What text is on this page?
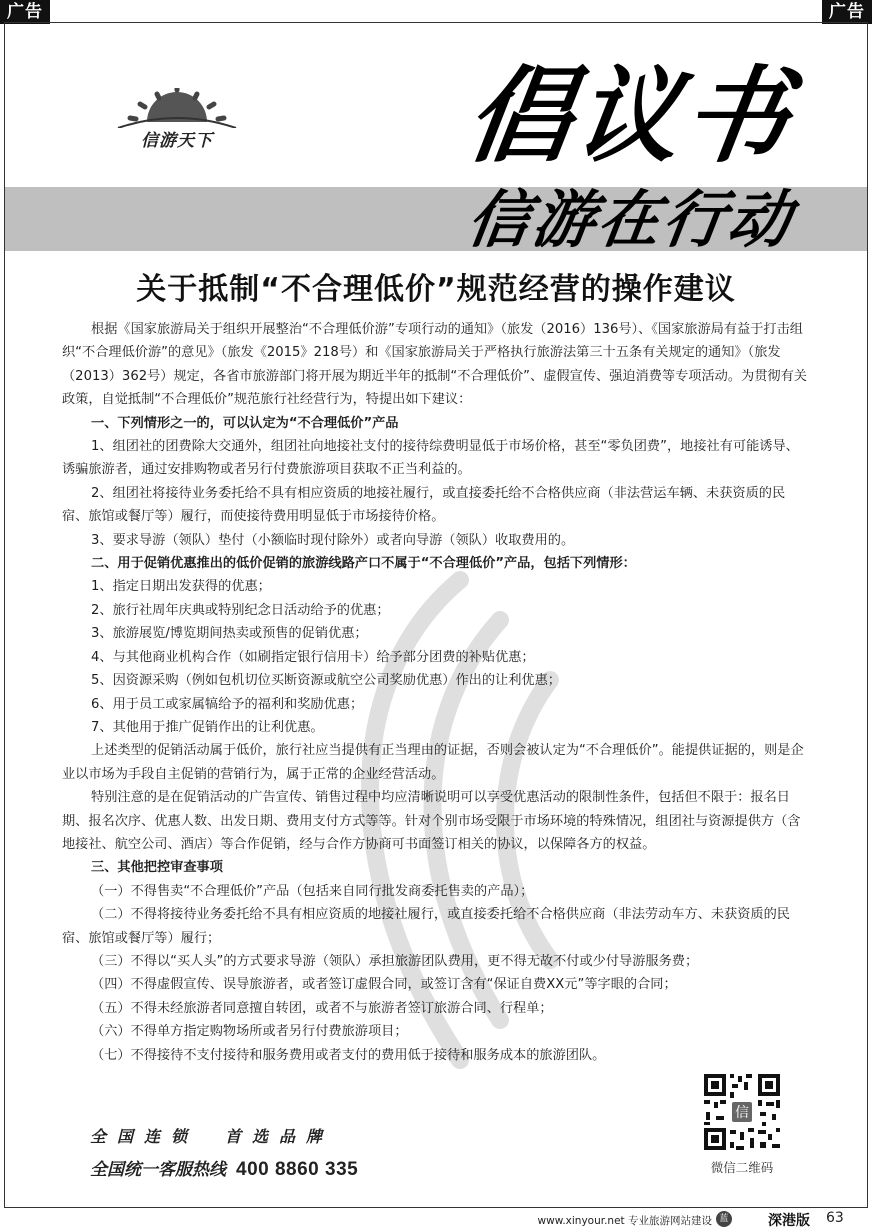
广告	广告
信游天下 倡议书
信游在行动
关于抵制“不合理低价”规范经营的操作建议

根据《国家旅游局关于组织开展整治“不合理低价游”专项行动的通知》（旅发（2016）136号）、《国家旅游局有益于打击组织“不合理低价游”的意见》（旅发《2015》218号）和《国家旅游局关于严格执行旅游法第三十五条有关规定的通知》（旅发（2013）362号）规定，各省市旅游部门将开展为期近半年的抵制“不合理低价”、虚假宣传、强迫消费等专项活动。为贯彻有关政策，自觉抵制“不合理低价”规范旅行社经营行为，特提出如下建议：

一、下列情形之一的，可以认定为“不合理低价”产品

1、组团社的团费除大交通外，组团社向地接社支付的接待综费明显低于市场价格，甚至“零负团费”，地接社有可能诱导、诱骗旅游者，通过安排购物或者另行付费旅游项目获取不正当利益的。

2、组团社将接待业务委托给不具有相应资质的地接社履行，或直接委托给不合格供应商（非法营运车辆、未获资质的民宿、旅馆或餐厅等）履行，而使接待费用明显低于市场接待价格。

3、要求导游（领队）垫付（小额临时现付除外）或者向导游（领队）收取费用的。

二、用于促销优惠推出的低价促销的旅游线路产口不属于“不合理低价”产品，包括下列情形：

1、指定日期出发获得的优惠；

2、旅行社周年庆典或特别纪念日活动给予的优惠；

3、旅游展览/博览期间热卖或预售的促销优惠；

4、与其他商业机构合作（如刷指定银行信用卡）给予部分团费的补贴优惠；

5、因资源采购（例如包机切位买断资源或航空公司奖励优惠）作出的让利优惠；

6、用于员工或家属犒给予的福利和奖励优惠；

7、其他用于推广促销作出的让利优惠。

上述类型的促销活动属于低价，旅行社应当提供有正当理由的证据，否则会被认定为“不合理低价”。能提供证据的，则是企业以市场为手段自主促销的营销行为，属于正常的企业经营活动。

特别注意的是在促销活动的广告宣传、销售过程中均应清晰说明可以享受优惠活动的限制性条件，包括但不限于：报名日期、报名次序、优惠人数、出发日期、费用支付方式等等。针对个别市场受限于市场环境的特殊情况，组团社与资源提供方（含地接社、航空公司、酒店）等合作促销，经与合作方协商可书面签订相关的协议，以保障各方的权益。

三、其他把控审查事项

（一）不得售卖“不合理低价”产品（包括来自同行批发商委托售卖的产品）；

（二）不得将接待业务委托给不具有相应资质的地接社履行，或直接委托给不合格供应商（非法劳动车方、未获资质的民宿、旅馆或餐厅等）履行；

（三）不得以“买人头”的方式要求导游（领队）承担旅游团队费用，更不得无故不付或少付导游服务费；

（四）不得虚假宣传、误导旅游者，或者签订虚假合同，或签订含有“保证自费XX元”等字眼的合同；

（五）不得未经旅游者同意擅自转团，或者不与旅游者签订旅游合同、行程单；

（六）不得单方指定购物场所或者另行付费旅游项目；

（七）不得接待不支付接待和服务费用或者支付的费用低于接待和服务成本的旅游团队。

全国连锁　首选品牌
全国统一客服热线 400 8860 335
信
微信二维码
www.xinyour.net 专业旅游网站建设 蓝	深港版 63
